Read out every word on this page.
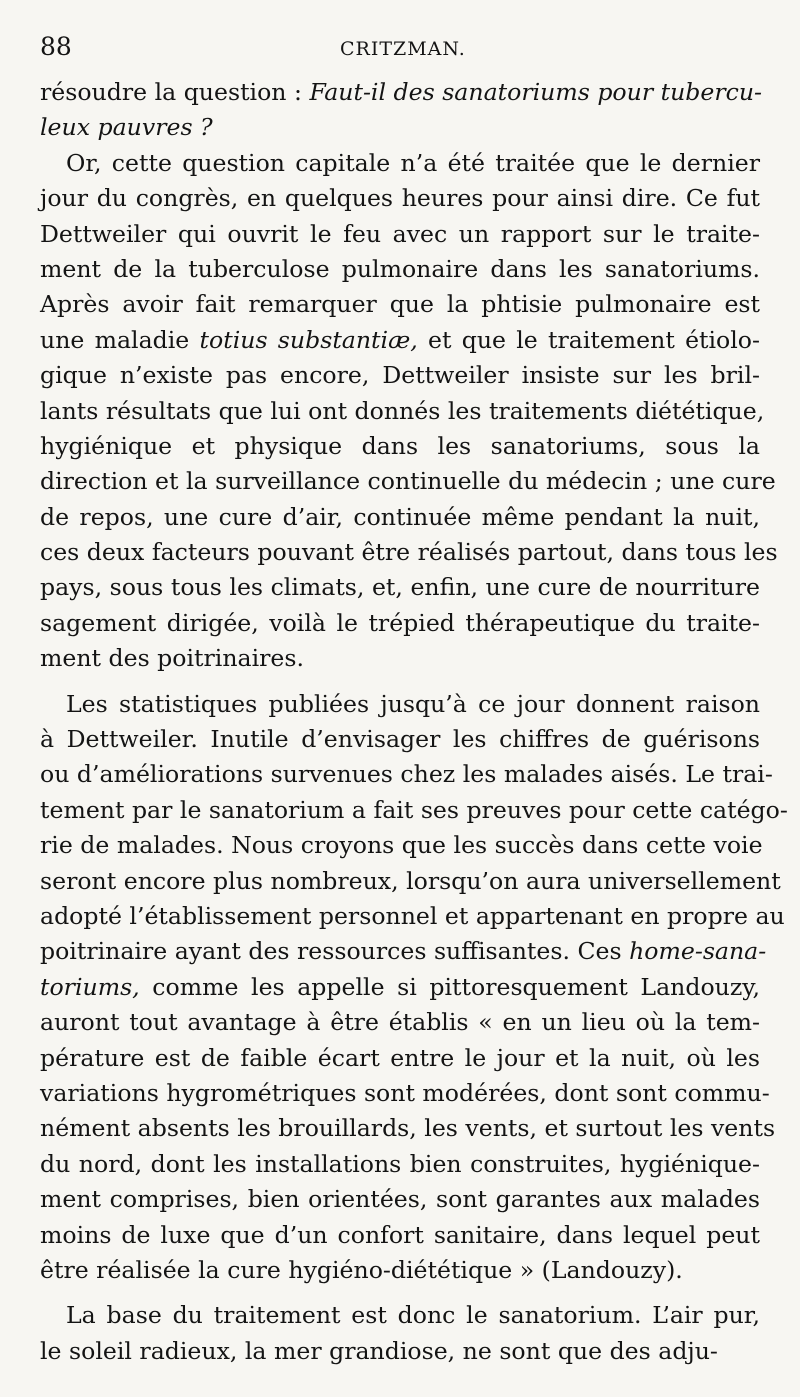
88	CRITZMAN.
résoudre la question : Faut-il des sanatoriums pour tubercu-
leux pauvres ?
Or, cette question capitale n’a été traitée que le dernier
jour du congrès, en quelques heures pour ainsi dire. Ce fut
Dettweiler qui ouvrit le feu avec un rapport sur le traite-
ment de la tuberculose pulmonaire dans les sanatoriums.
Après avoir fait remarquer que la phtisie pulmonaire est
une maladie totius substantiæ, et que le traitement étiolo-
gique n’existe pas encore, Dettweiler insiste sur les bril-
lants résultats que lui ont donnés les traitements diététique,
hygiénique et physique dans les sanatoriums, sous la
direction et la surveillance continuelle du médecin ; une cure
de repos, une cure d’air, continuée même pendant la nuit,
ces deux facteurs pouvant être réalisés partout, dans tous les
pays, sous tous les climats, et, enfin, une cure de nourriture
sagement dirigée, voilà le trépied thérapeutique du traite-
ment des poitrinaires.
Les statistiques publiées jusqu’à ce jour donnent raison
à Dettweiler. Inutile d’envisager les chiffres de guérisons
ou d’améliorations survenues chez les malades aisés. Le trai-
tement par le sanatorium a fait ses preuves pour cette catégo-
rie de malades. Nous croyons que les succès dans cette voie
seront encore plus nombreux, lorsqu’on aura universellement
adopté l’établissement personnel et appartenant en propre au
poitrinaire ayant des ressources suffisantes. Ces home-sana-
toriums, comme les appelle si pittoresquement Landouzy,
auront tout avantage à être établis « en un lieu où la tem-
pérature est de faible écart entre le jour et la nuit, où les
variations hygrométriques sont modérées, dont sont commu-
nément absents les brouillards, les vents, et surtout les vents
du nord, dont les installations bien construites, hygiénique-
ment comprises, bien orientées, sont garantes aux malades
moins de luxe que d’un confort sanitaire, dans lequel peut
être réalisée la cure hygiéno-diététique » (Landouzy).
La base du traitement est donc le sanatorium. L’air pur,
le soleil radieux, la mer grandiose, ne sont que des adju-
